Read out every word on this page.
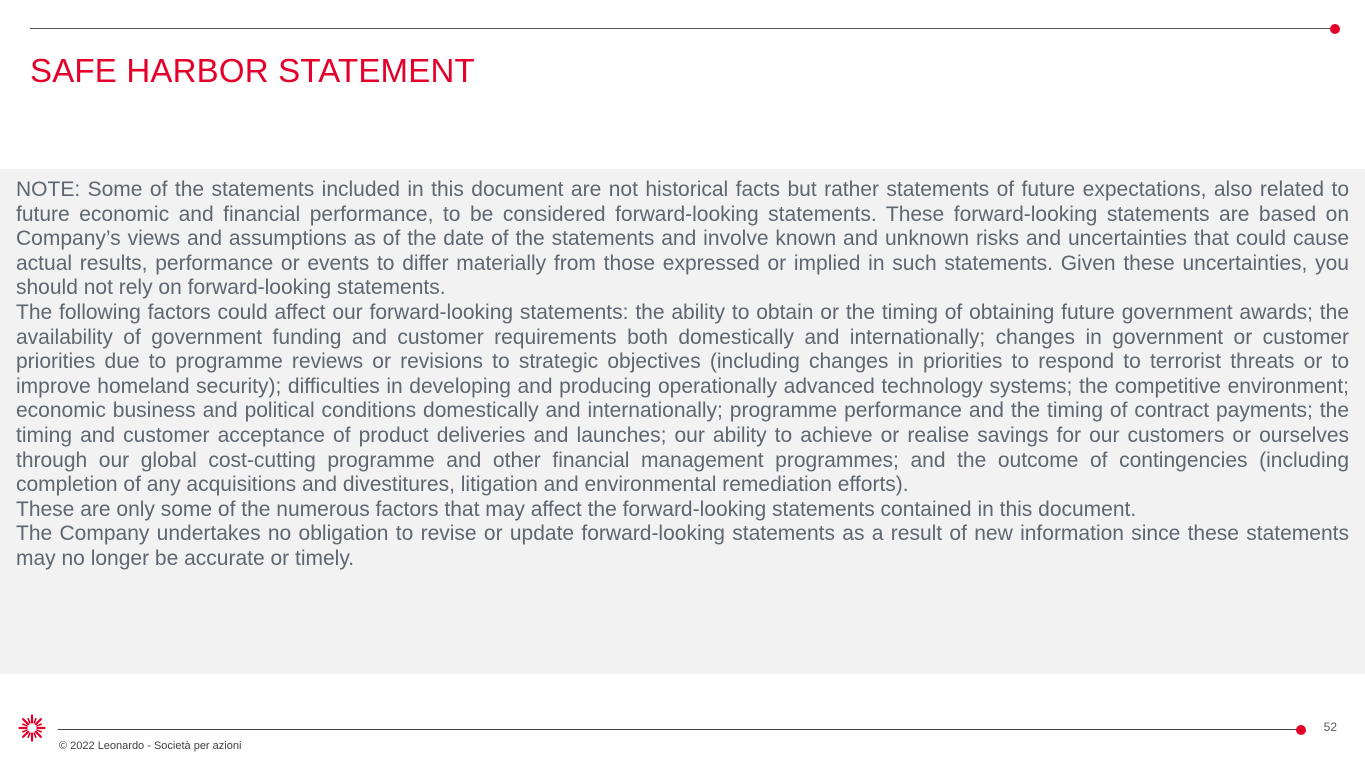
SAFE HARBOR STATEMENT

NOTE: Some of the statements included in this document are not historical facts but rather statements of future expectations, also related to future economic and financial performance, to be considered forward-looking statements. These forward-looking statements are based on Company’s views and assumptions as of the date of the statements and involve known and unknown risks and uncertainties that could cause actual results, performance or events to differ materially from those expressed or implied in such statements. Given these uncertainties, you should not rely on forward-looking statements.

The following factors could affect our forward-looking statements: the ability to obtain or the timing of obtaining future government awards; the availability of government funding and customer requirements both domestically and internationally; changes in government or customer priorities due to programme reviews or revisions to strategic objectives (including changes in priorities to respond to terrorist threats or to improve homeland security); difficulties in developing and producing operationally advanced technology systems; the competitive environment; economic business and political conditions domestically and internationally; programme performance and the timing of contract payments; the timing and customer acceptance of product deliveries and launches; our ability to achieve or realise savings for our customers or ourselves through our global cost-cutting programme and other financial management programmes; and the outcome of contingencies (including completion of any acquisitions and divestitures, litigation and environmental remediation efforts).

These are only some of the numerous factors that may affect the forward-looking statements contained in this document.

The Company undertakes no obligation to revise or update forward-looking statements as a result of new information since these statements may no longer be accurate or timely.

52
© 2022 Leonardo - Società per azioni
